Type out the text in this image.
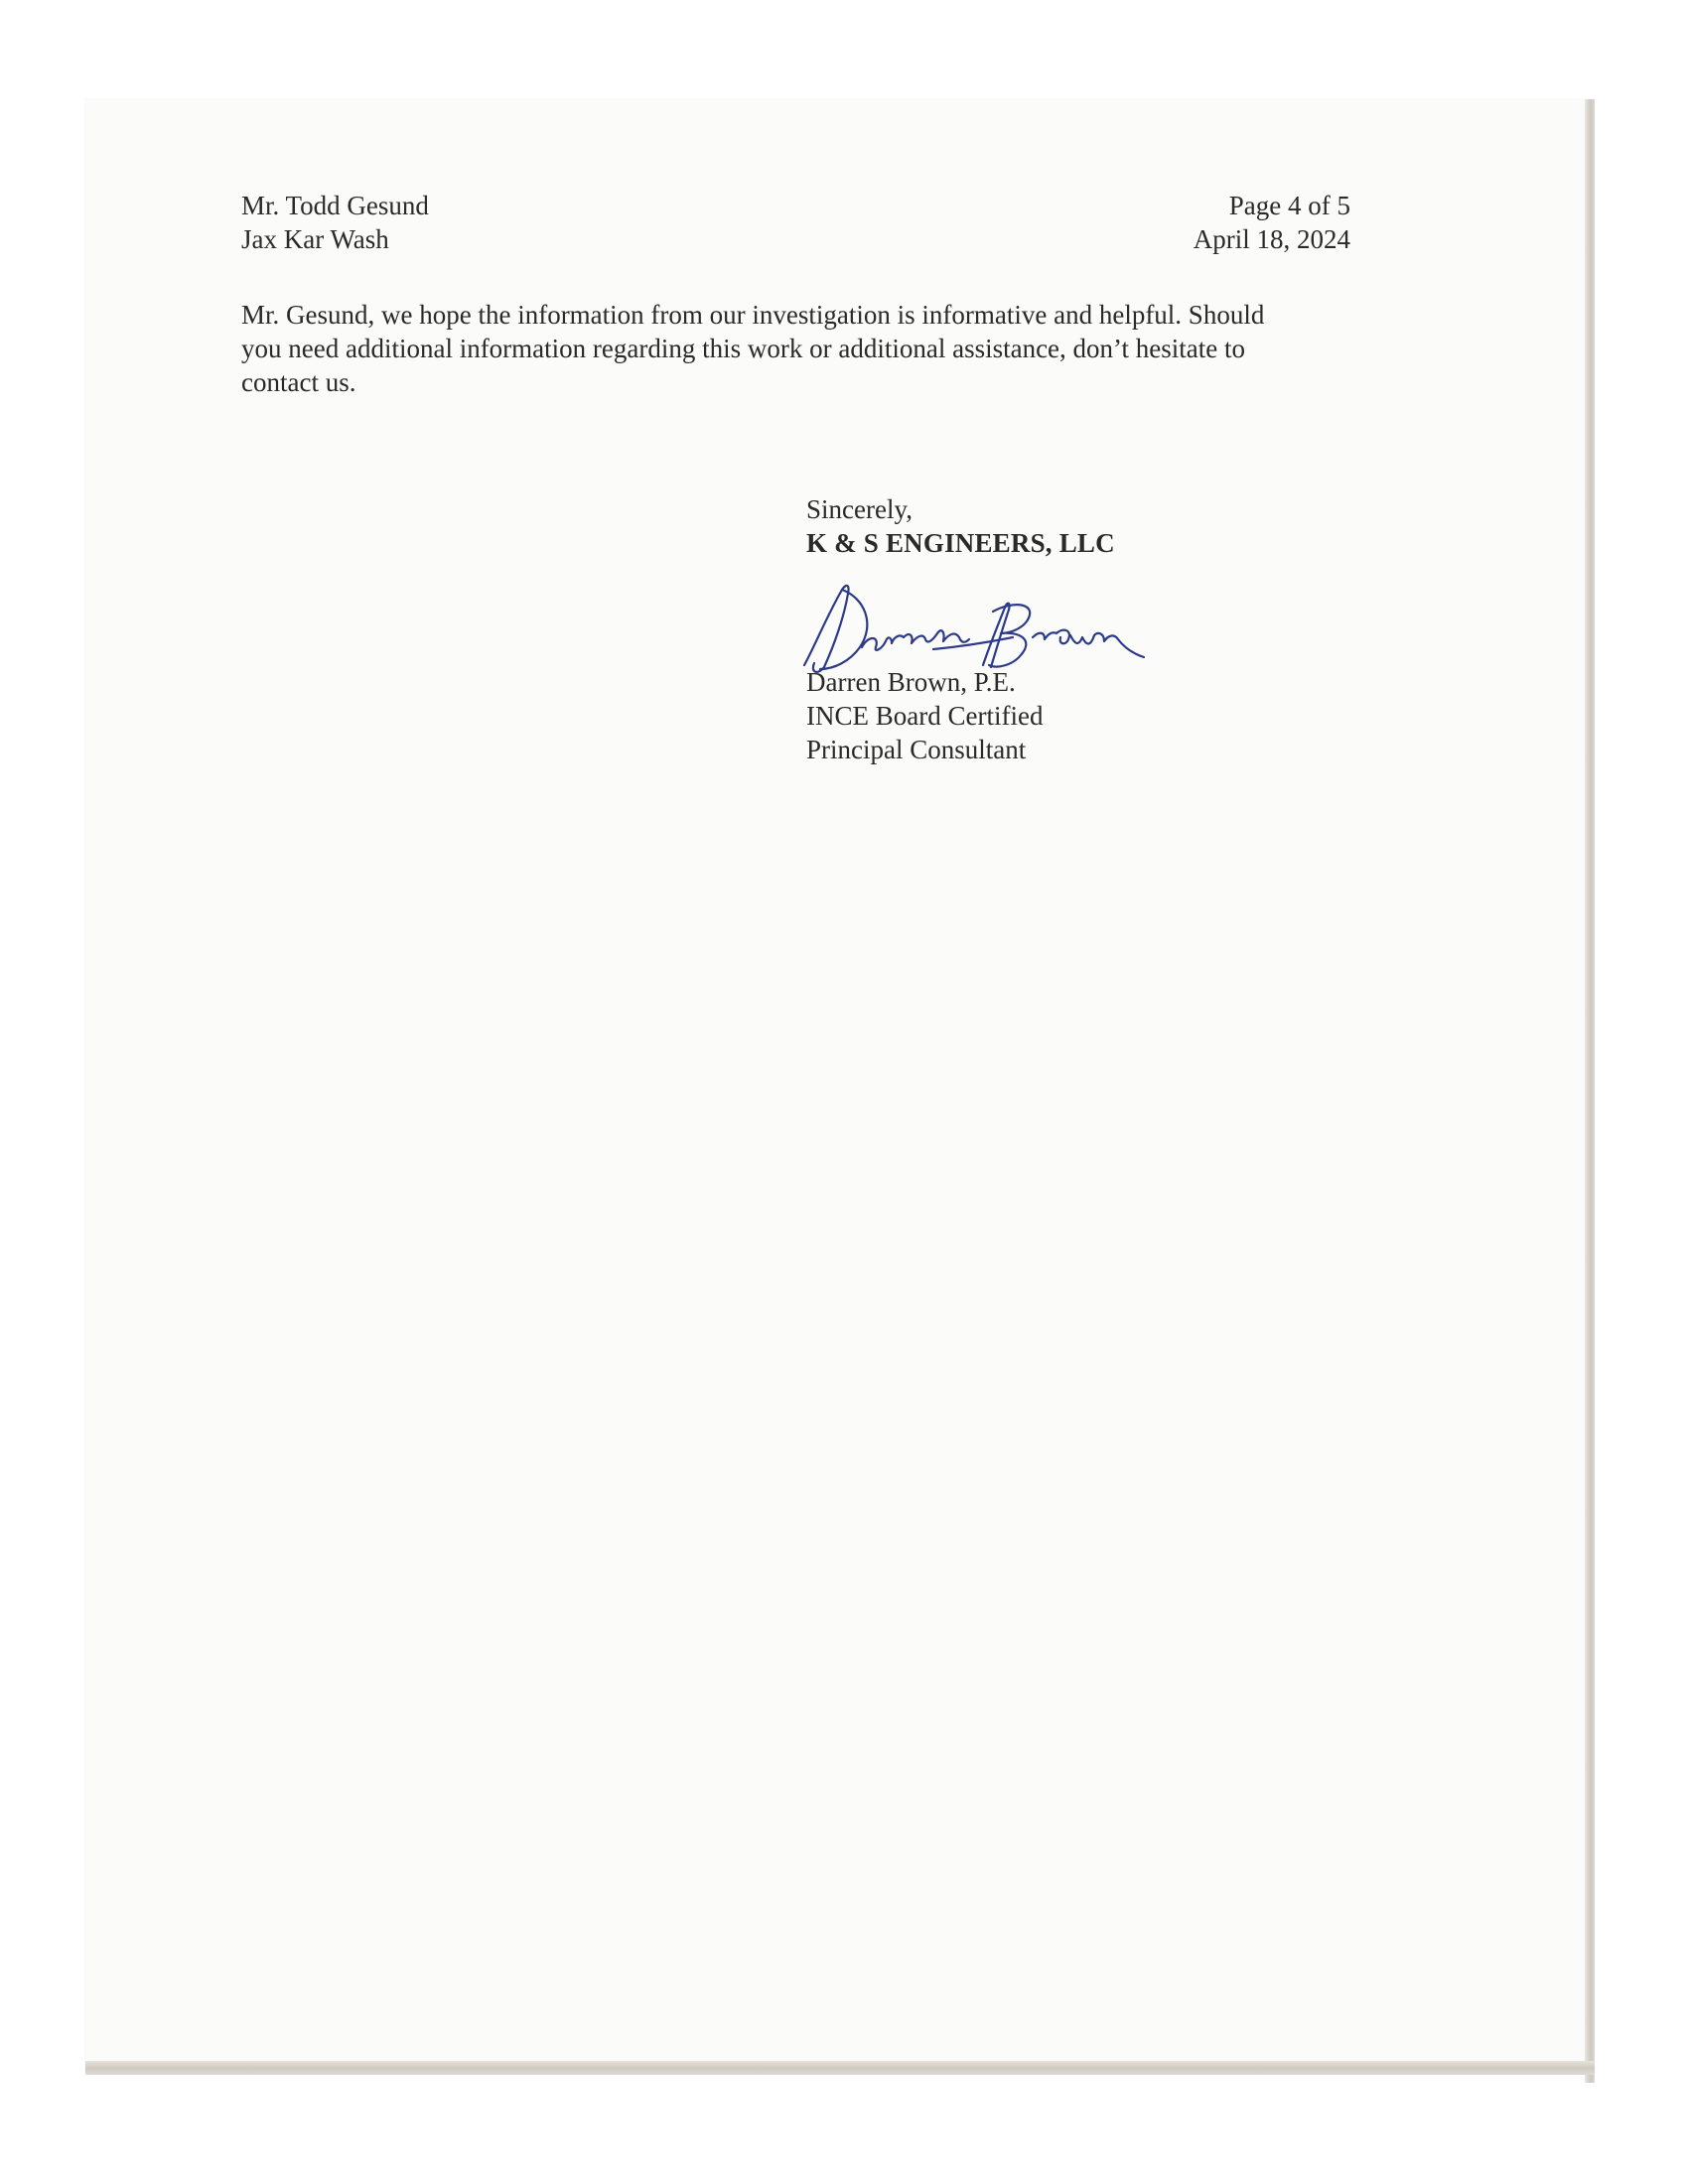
Mr. Todd Gesund
Jax Kar Wash
Page 4 of 5
April 18, 2024
Mr. Gesund, we hope the information from our investigation is informative and helpful. Should
you need additional information regarding this work or additional assistance, don’t hesitate to
contact us.
Sincerely,
K & S ENGINEERS, LLC
Darren Brown, P.E.
INCE Board Certified
Principal Consultant
